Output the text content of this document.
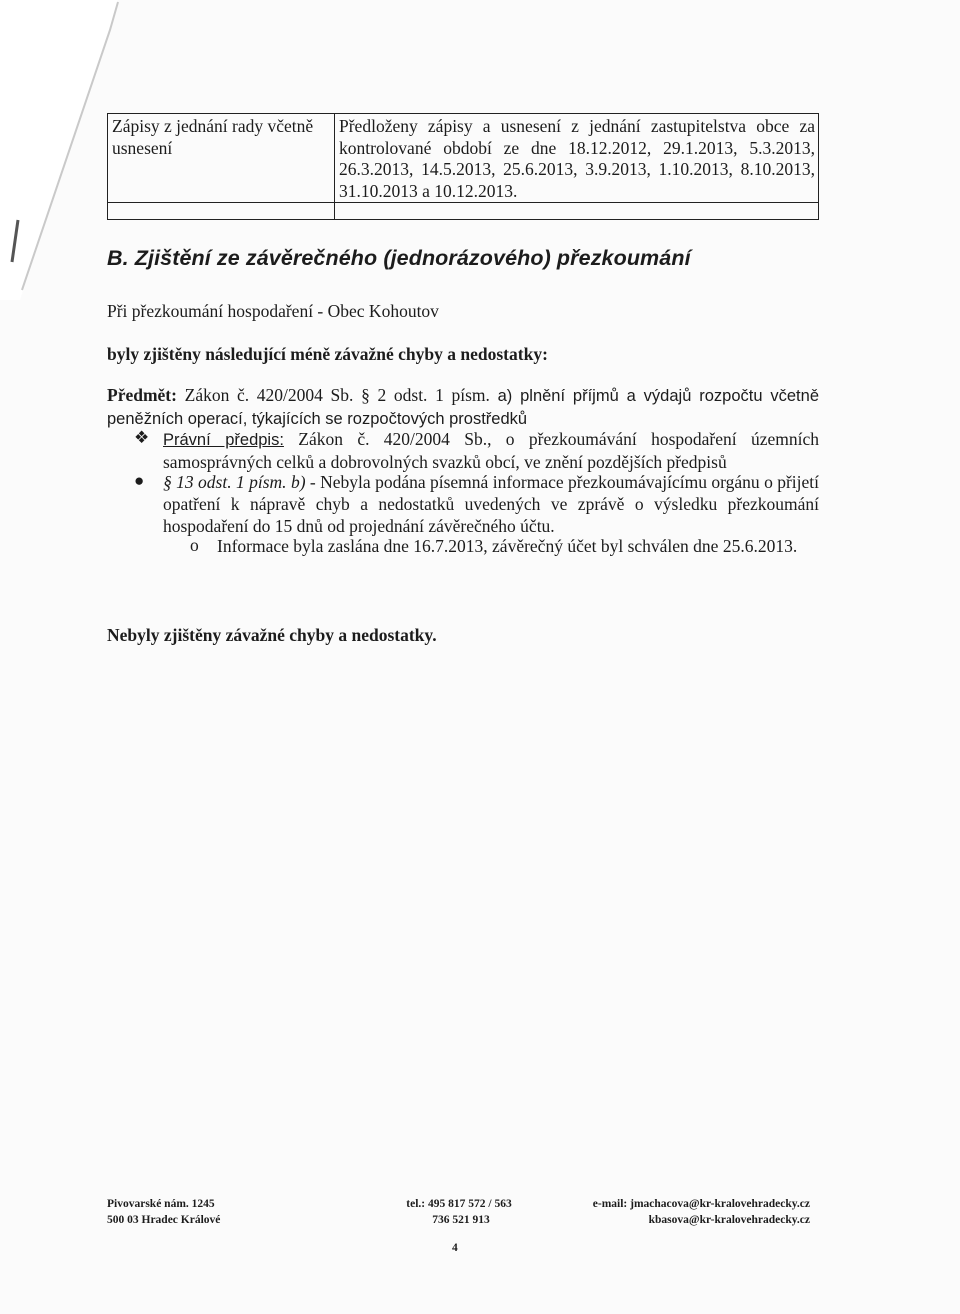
Zápisy z jednání rady včetně usnesení	Předloženy zápisy a usnesení z jednání zastupitelstva obce za kontrolované období ze dne 18.12.2012, 29.1.2013, 5.3.2013, 26.3.2013, 14.5.2013, 25.6.2013, 3.9.2013, 1.10.2013, 8.10.2013, 31.10.2013 a 10.12.2013.

B. Zjištění ze závěrečného (jednorázového) přezkoumání

Při přezkoumání hospodaření - Obec Kohoutov

byly zjištěny následující méně závažné chyby a nedostatky:

Předmět: Zákon č. 420/2004 Sb. § 2 odst. 1 písm. a) plnění příjmů a výdajů rozpočtu včetně peněžních operací, týkajících se rozpočtových prostředků

❖ Právní předpis: Zákon č. 420/2004 Sb., o přezkoumávání hospodaření územních samosprávných celků a dobrovolných svazků obcí, ve znění pozdějších předpisů

● § 13 odst. 1 písm. b) - Nebyla podána písemná informace přezkoumávajícímu orgánu o přijetí opatření k nápravě chyb a nedostatků uvedených ve zprávě o výsledku přezkoumání hospodaření do 15 dnů od projednání závěrečného účtu.

o Informace byla zaslána dne 16.7.2013, závěrečný účet byl schválen dne 25.6.2013.

Nebyly zjištěny závažné chyby a nedostatky.

Pivovarské nám. 1245
500 03 Hradec Králové
tel.: 495 817 572 / 563
736 521 913
e-mail: jmachacova@kr-kralovehradecky.cz
kbasova@kr-kralovehradecky.cz
4
